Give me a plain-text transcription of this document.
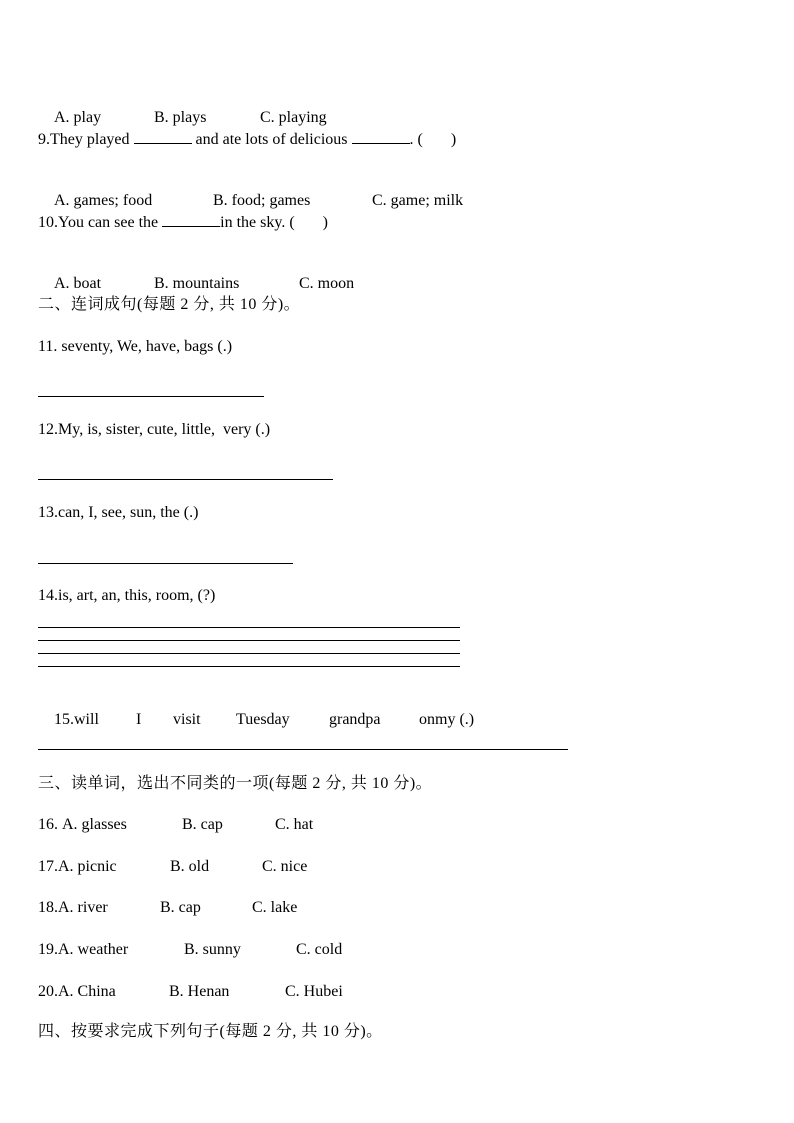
A. play	B. plays	C. playing

9.They played	and ate lots of delicious	. ( )

A. games; food	B. food; games	C. game; milk

10.You can see the	in the sky. ( )

A. boat	B. mountains	C. moon

二、连词成句(每题 2 分, 共 10 分)。
11. seventy, We, have, bags (.)
12.My, is, sister, cute, little,  very (.)
13.can, I, see, sun, the (.)
14.is, art, an, this, room, (?)

15.will I visit Tuesday grandpa onmy (.)

三、读单词，选出不同类的一项(每题 2 分, 共 10 分)。
16. A. glasses	B. cap	C. hat
17.A. picnic	B. old	C. nice
18.A. river	B. cap	C. lake
19.A. weather	B. sunny	C. cold
20.A. China	B. Henan	C. Hubei
四、按要求完成下列句子(每题 2 分, 共 10 分)。
